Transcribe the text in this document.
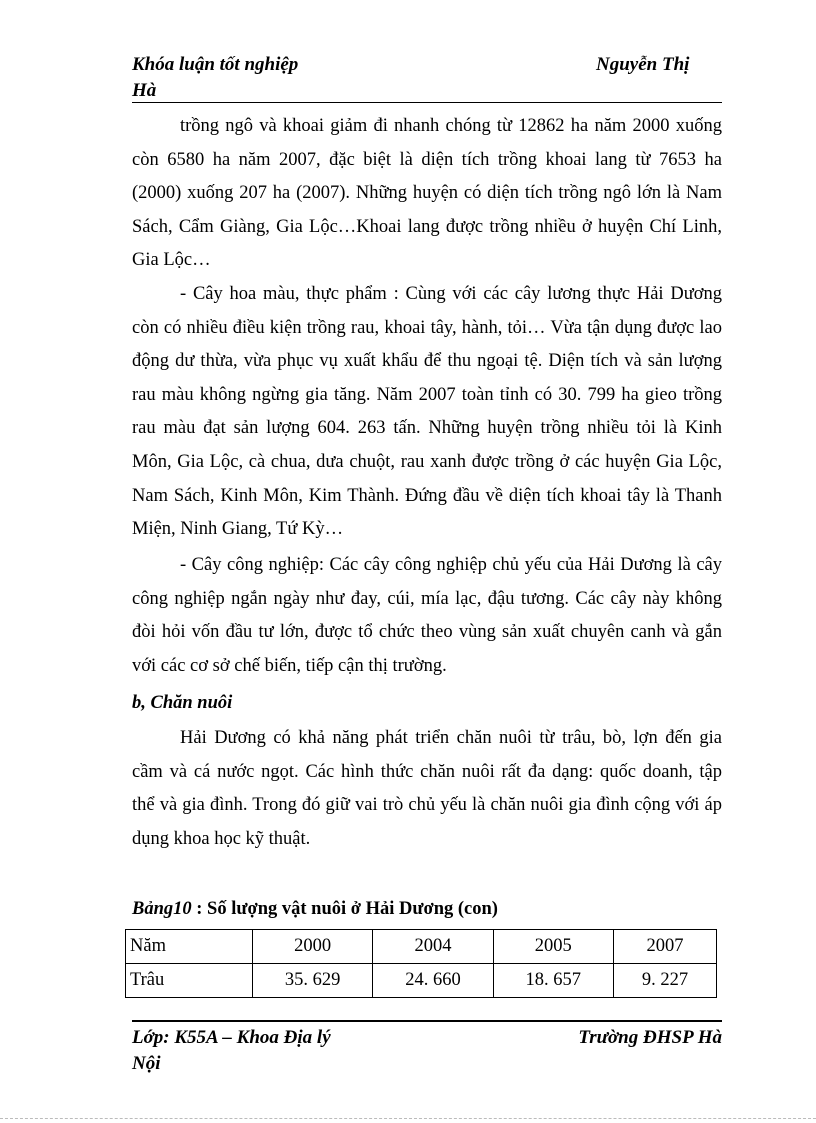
Khóa luận tốt nghiệp
Hà
Nguyễn Thị
trồng ngô và khoai giảm đi nhanh chóng từ 12862 ha năm 2000 xuống
còn 6580 ha năm 2007, đặc biệt là diện tích trồng khoai lang từ 7653 ha
(2000) xuống 207 ha (2007). Những huyện có diện tích trồng ngô lớn là Nam
Sách, Cẩm Giàng, Gia Lộc…Khoai lang được trồng nhiều ở huyện Chí Linh,
Gia Lộc…
- Cây hoa màu, thực phẩm : Cùng với các cây lương thực Hải Dương
còn có nhiều điều kiện trồng rau, khoai tây, hành, tỏi… Vừa tận dụng được lao
động dư thừa, vừa phục vụ xuất khẩu để thu ngoại tệ. Diện tích và sản lượng
rau màu không ngừng gia tăng. Năm 2007 toàn tỉnh có 30. 799 ha gieo trồng
rau màu đạt sản lượng 604. 263 tấn. Những huyện trồng nhiều tỏi là Kinh
Môn, Gia Lộc, cà chua, dưa chuột, rau xanh được trồng ở các huyện Gia Lộc,
Nam Sách, Kinh Môn, Kim Thành. Đứng đầu về diện tích khoai tây là Thanh
Miện, Ninh Giang, Tứ Kỳ…
- Cây công nghiệp: Các cây công nghiệp chủ yếu của Hải Dương là cây
công nghiệp ngắn ngày như đay, cúi, mía lạc, đậu tương. Các cây này không
đòi hỏi vốn đầu tư lớn, được tổ chức theo vùng sản xuất chuyên canh và gắn
với các cơ sở chế biến, tiếp cận thị trường.
b, Chăn nuôi
Hải Dương có khả năng phát triển chăn nuôi từ trâu, bò, lợn đến gia
cầm và cá nước ngọt. Các hình thức chăn nuôi rất đa dạng: quốc doanh, tập
thể và gia đình. Trong đó giữ vai trò chủ yếu là chăn nuôi gia đình cộng với áp
dụng khoa học kỹ thuật.
Bảng10 : Số lượng vật nuôi ở Hải Dương (con)
Năm	2000	2004	2005	2007
Trâu	35. 629	24. 660	18. 657	9. 227
Lớp: K55A – Khoa Địa lý
Nội
Trường ĐHSP Hà
